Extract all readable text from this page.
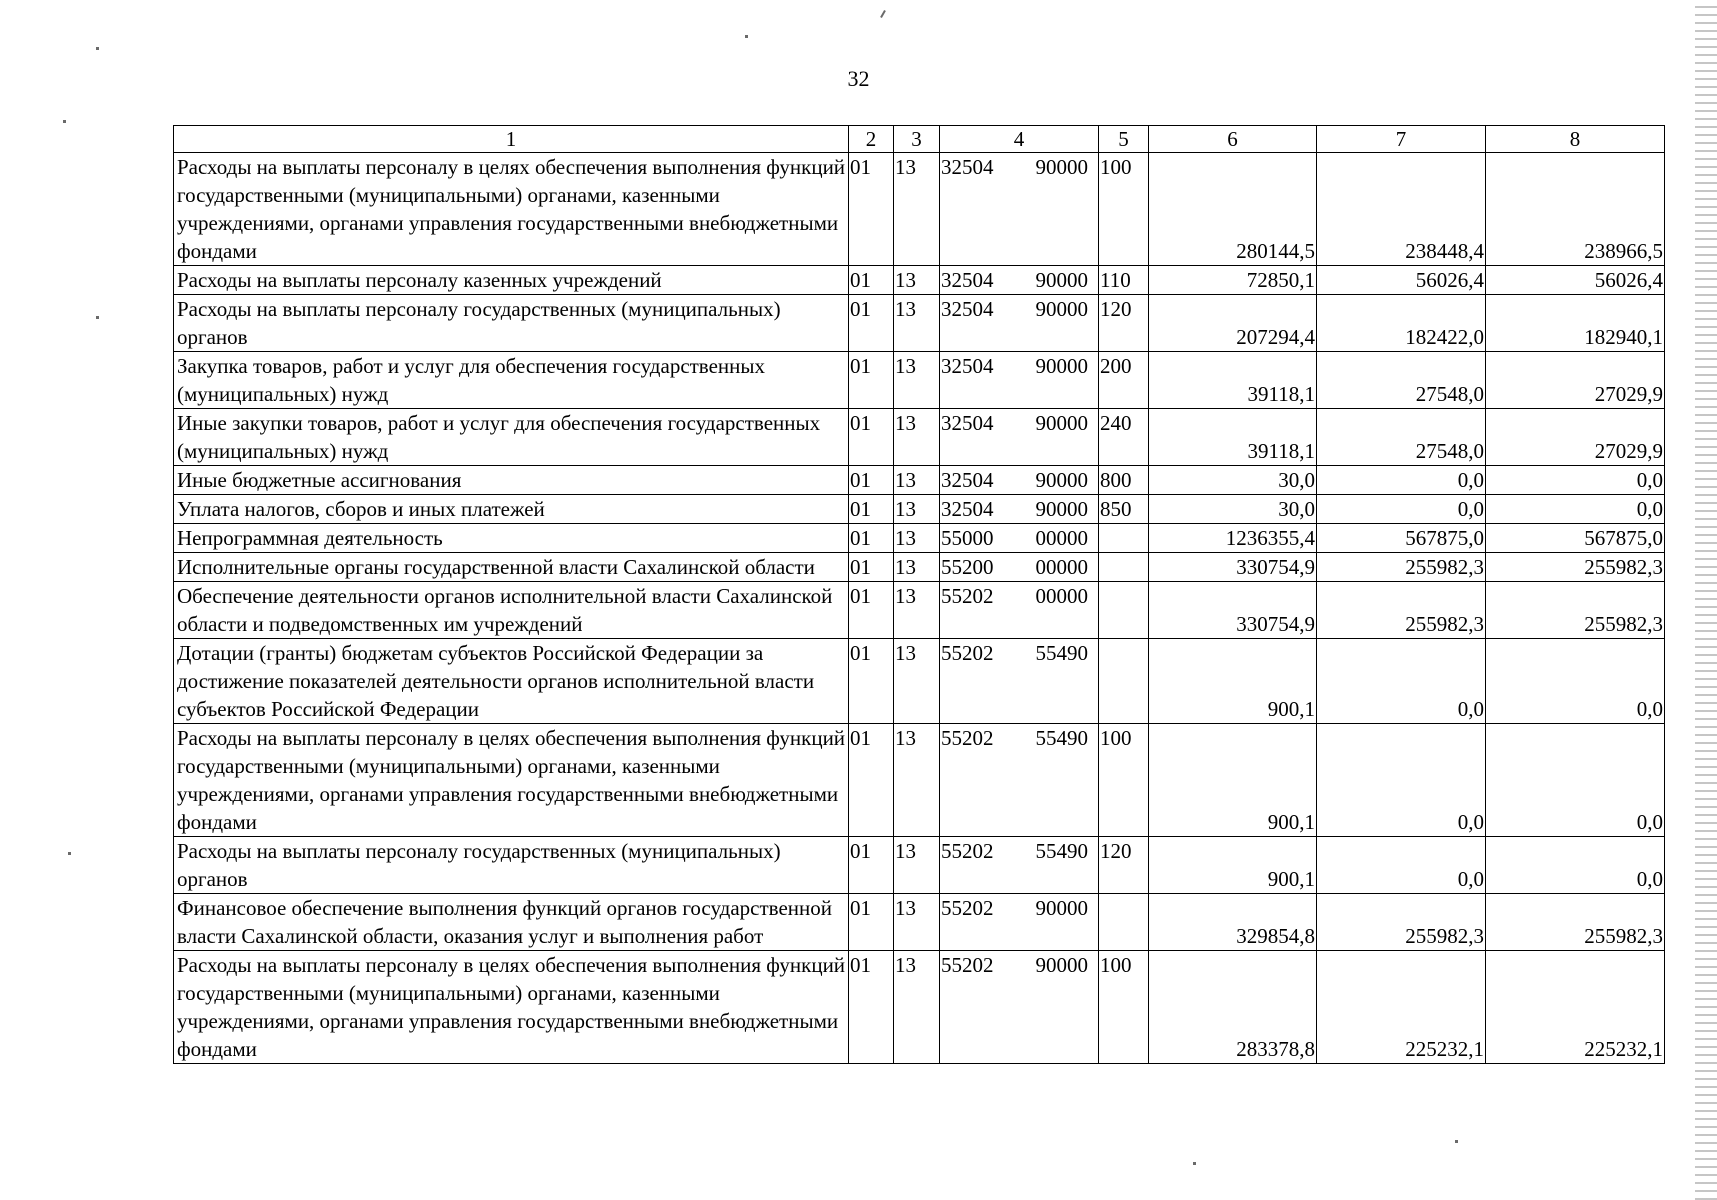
32
1	2	3	4	5	6	7	8
Расходы на выплаты персоналу в целях обеспечения выполнения функций государственными (муниципальными) органами, казенными учреждениями, органами управления государственными внебюджетными фондами	01	13	32504 90000	100	280144,5	238448,4	238966,5
Расходы на выплаты персоналу казенных учреждений	01	13	32504 90000	110	72850,1	56026,4	56026,4
Расходы на выплаты персоналу государственных (муниципальных) органов	01	13	32504 90000	120	207294,4	182422,0	182940,1
Закупка товаров, работ и услуг для обеспечения государственных (муниципальных) нужд	01	13	32504 90000	200	39118,1	27548,0	27029,9
Иные закупки товаров, работ и услуг для обеспечения государственных (муниципальных) нужд	01	13	32504 90000	240	39118,1	27548,0	27029,9
Иные бюджетные ассигнования	01	13	32504 90000	800	30,0	0,0	0,0
Уплата налогов, сборов и иных платежей	01	13	32504 90000	850	30,0	0,0	0,0
Непрограммная деятельность	01	13	55000 00000		1236355,4	567875,0	567875,0
Исполнительные органы государственной власти Сахалинской области	01	13	55200 00000		330754,9	255982,3	255982,3
Обеспечение деятельности органов исполнительной власти Сахалинской области и подведомственных им учреждений	01	13	55202 00000		330754,9	255982,3	255982,3
Дотации (гранты) бюджетам субъектов Российской Федерации за достижение показателей деятельности органов исполнительной власти субъектов Российской Федерации	01	13	55202 55490		900,1	0,0	0,0
Расходы на выплаты персоналу в целях обеспечения выполнения функций государственными (муниципальными) органами, казенными учреждениями, органами управления государственными внебюджетными фондами	01	13	55202 55490	100	900,1	0,0	0,0
Расходы на выплаты персоналу государственных (муниципальных) органов	01	13	55202 55490	120	900,1	0,0	0,0
Финансовое обеспечение выполнения функций органов государственной власти Сахалинской области, оказания услуг и выполнения работ	01	13	55202 90000		329854,8	255982,3	255982,3
Расходы на выплаты персоналу в целях обеспечения выполнения функций государственными (муниципальными) органами, казенными учреждениями, органами управления государственными внебюджетными фондами	01	13	55202 90000	100	283378,8	225232,1	225232,1
